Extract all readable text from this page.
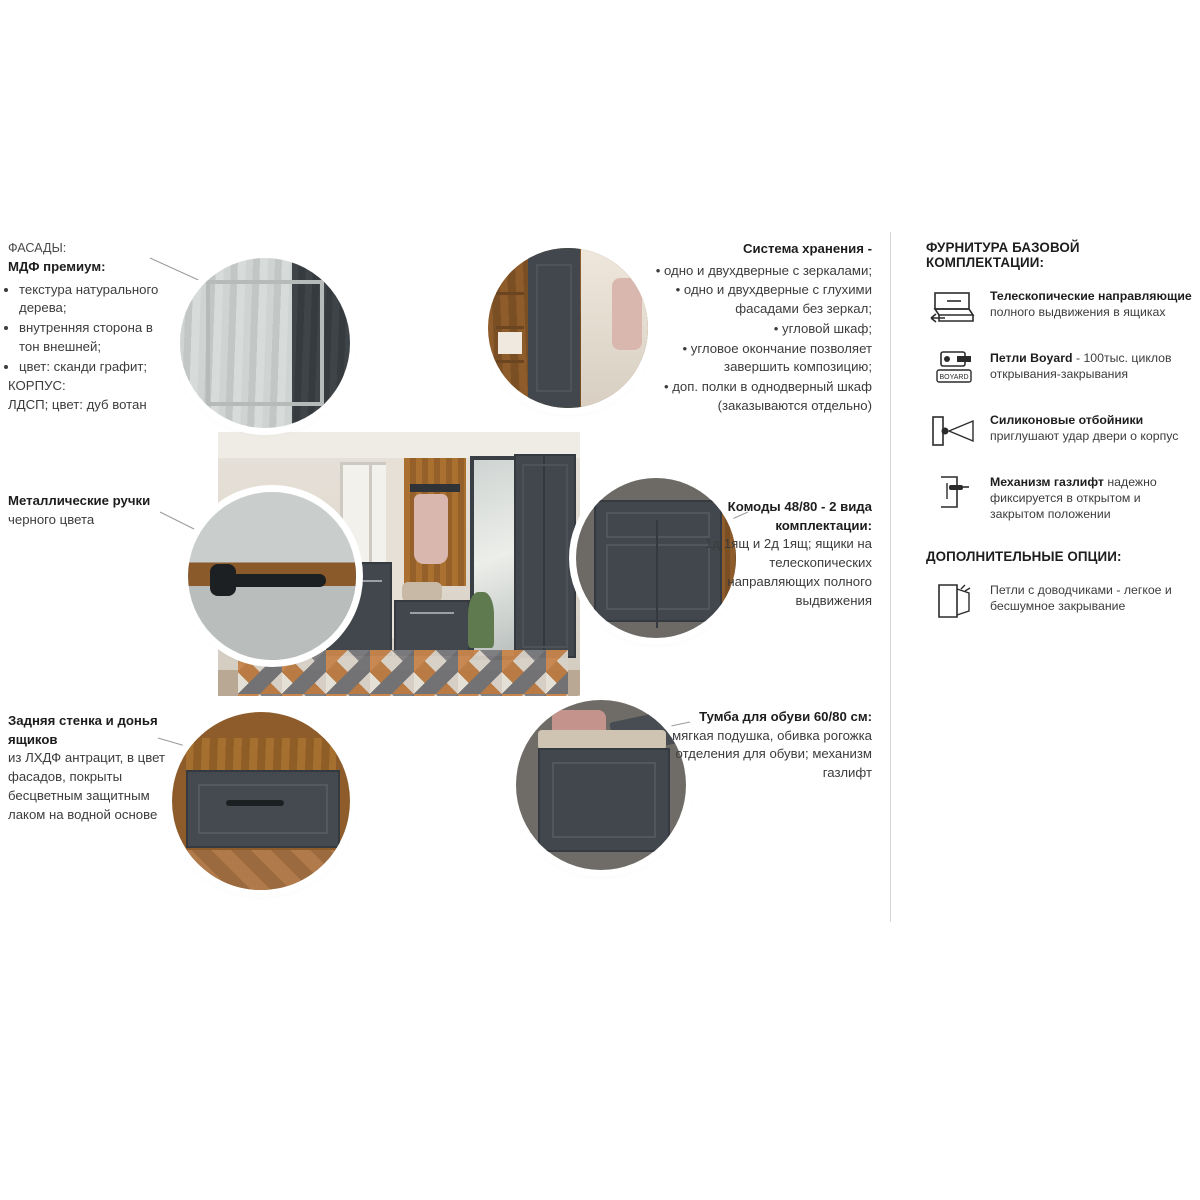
ФАСАДЫ:
МДФ премиум:
• текстура натурального дерева;
• внутренняя сторона в тон внешней;
• цвет: сканди графит;
КОРПУС:
ЛДСП; цвет: дуб вотан
Металлические ручки
черного цвета
Задняя стенка и донья ящиков
из ЛХДФ антрацит, в цвет фасадов, покрыты бесцветным защитным лаком на водной основе
Система хранения -
• одно и двухдверные с зеркалами;
• одно и двухдверные с глухими фасадами без зеркал;
• угловой шкаф;
• угловое окончание позволяет завершить композицию;
• доп. полки в однодверный шкаф (заказываются отдельно)
Комоды 48/80 - 2 вида комплектации:
1д 1ящ и 2д 1ящ; ящики на телескопических направляющих полного выдвижения
Тумба для обуви 60/80 см:
мягкая подушка, обивка рогожка отделения для обуви; механизм газлифт
ФУРНИТУРА БАЗОВОЙ КОМПЛЕКТАЦИИ:
Телескопические направляющие
полного выдвижения в ящиках
BOYARD
Петли Boyard - 100тыс. циклов открывания-закрывания
Силиконовые отбойники
приглушают удар двери о корпус
Механизм газлифт надежно фиксируется в открытом и закрытом положении
ДОПОЛНИТЕЛЬНЫЕ ОПЦИИ:
Петли с доводчиками - легкое и бесшумное закрывание
